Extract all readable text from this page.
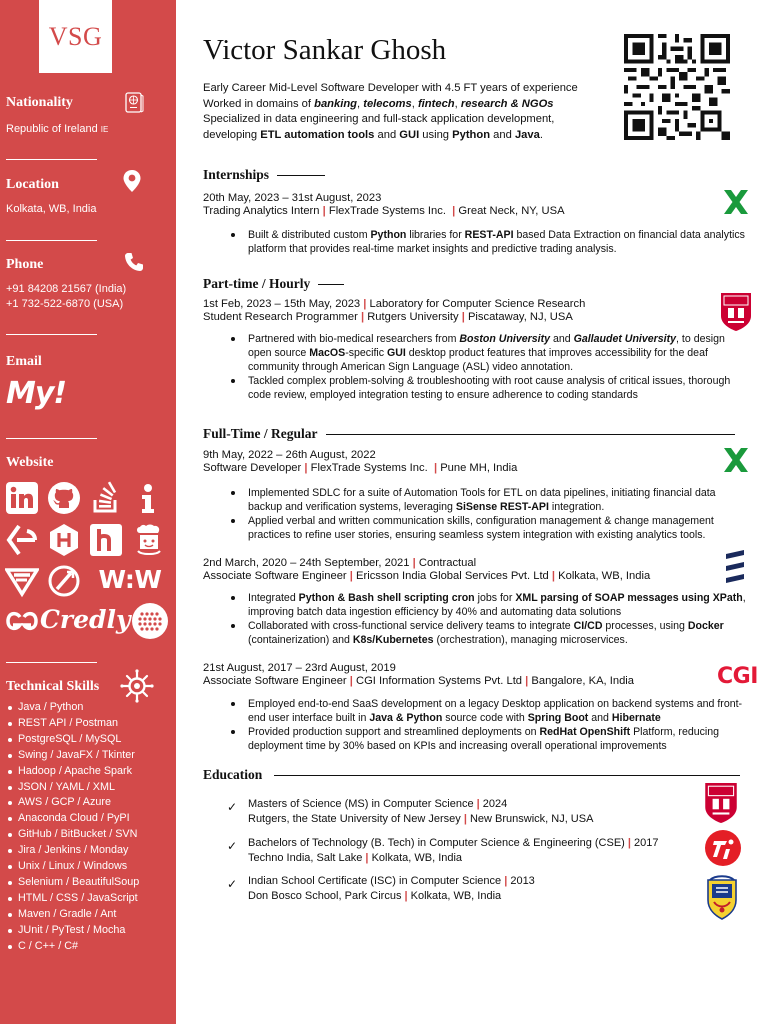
VSG
Nationality
Republic of Ireland IE
Location
Kolkata, WB, India
Phone
+91 84208 21567 (India)
+1 732-522-6870 (USA)
Email
My!
Website
W:W
Credly
Technical Skills
Java / Python
REST API / Postman
PostgreSQL / MySQL
Swing / JavaFX / Tkinter
Hadoop / Apache Spark
JSON / YAML / XML
AWS / GCP / Azure
Anaconda Cloud / PyPI
GitHub / BitBucket / SVN
Jira / Jenkins / Monday
Unix / Linux / Windows
Selenium / BeautifulSoup
HTML / CSS / JavaScript
Maven / Gradle / Ant
JUnit / PyTest / Mocha
C / C++ / C#
Victor Sankar Ghosh
Early Career Mid-Level Software Developer with 4.5 FT years of experience
Worked in domains of banking, telecoms, fintech, research & NGOs
Specialized in data engineering and full-stack application development,
developing ETL automation tools and GUI using Python and Java.
Internships
20th May, 2023 – 31st August, 2023
Trading Analytics Intern | FlexTrade Systems Inc. | Great Neck, NY, USA
Built & distributed custom Python libraries for REST-API based Data Extraction on financial data analytics platform that provides real-time market insights and predictive trading analysis.
Part-time / Hourly
1st Feb, 2023 – 15th May, 2023 | Laboratory for Computer Science Research
Student Research Programmer | Rutgers University | Piscataway, NJ, USA
Partnered with bio-medical researchers from Boston University and Gallaudet University, to design open source MacOS-specific GUI desktop product features that improves accessibility for the deaf community through American Sign Language (ASL) video annotation.
Tackled complex problem-solving & troubleshooting with root cause analysis of critical issues, thorough code review, employed integration testing to ensure adherence to coding standards
Full-Time / Regular
9th May, 2022 – 26th August, 2022
Software Developer | FlexTrade Systems Inc. | Pune MH, India
Implemented SDLC for a suite of Automation Tools for ETL on data pipelines, initiating financial data backup and verification systems, leveraging SiSense REST-API integration.
Applied verbal and written communication skills, configuration management & change management practices to refine user stories, ensuring seamless system integration with existing analytics tools.
2nd March, 2020 – 24th September, 2021 | Contractual
Associate Software Engineer | Ericsson India Global Services Pvt. Ltd | Kolkata, WB, India
Integrated Python & Bash shell scripting cron jobs for XML parsing of SOAP messages using XPath, improving batch data ingestion efficiency by 40% and automating data solutions
Collaborated with cross-functional service delivery teams to integrate CI/CD processes, using Docker (containerization) and K8s/Kubernetes (orchestration), managing microservices.
21st August, 2017 – 23rd August, 2019
Associate Software Engineer | CGI Information Systems Pvt. Ltd | Bangalore, KA, India	CGI
Employed end-to-end SaaS development on a legacy Desktop application on backend systems and front-end user interface built in Java & Python source code with Spring Boot and Hibernate
Provided production support and streamlined deployments on RedHat OpenShift Platform, reducing deployment time by 30% based on KPIs and increasing overall operational improvements
Education
✓ Masters of Science (MS) in Computer Science | 2024
Rutgers, the State University of New Jersey | New Brunswick, NJ, USA
✓ Bachelors of Technology (B. Tech) in Computer Science & Engineering (CSE) | 2017
Techno India, Salt Lake | Kolkata, WB, India
✓ Indian School Certificate (ISC) in Computer Science | 2013
Don Bosco School, Park Circus | Kolkata, WB, India
